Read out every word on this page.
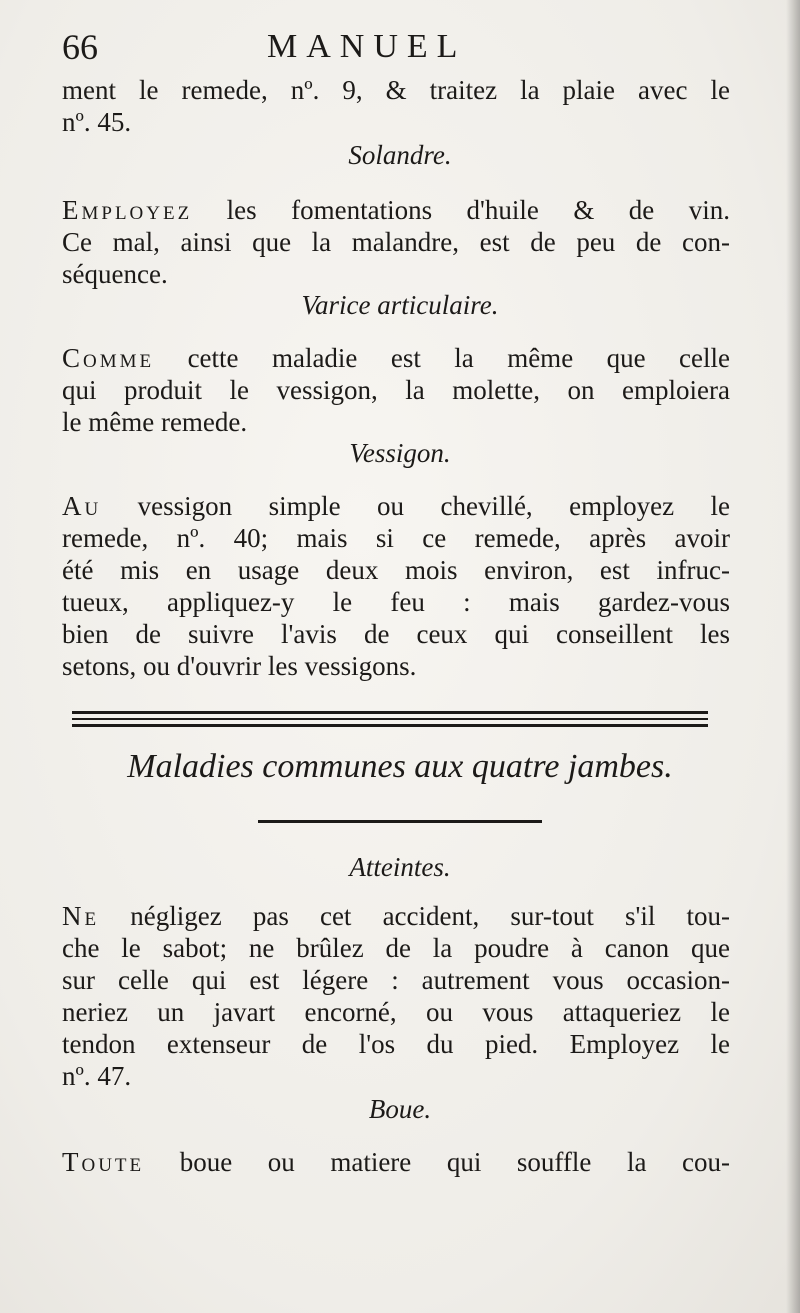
66	MANUEL
ment le remede, nº. 9, & traitez la plaie avec le
nº. 45.
Solandre.
Employez les fomentations d'huile & de vin.
Ce mal, ainsi que la malandre, est de peu de con-
séquence.
Varice articulaire.
Comme cette maladie est la même que celle
qui produit le vessigon, la molette, on emploiera
le même remede.
Vessigon.
Au vessigon simple ou chevillé, employez le
remede, nº. 40; mais si ce remede, après avoir
été mis en usage deux mois environ, est infruc-
tueux, appliquez-y le feu : mais gardez-vous
bien de suivre l'avis de ceux qui conseillent les
setons, ou d'ouvrir les vessigons.
Maladies communes aux quatre jambes.
Atteintes.
Ne négligez pas cet accident, sur-tout s'il tou-
che le sabot; ne brûlez de la poudre à canon que
sur celle qui est légere : autrement vous occasion-
neriez un javart encorné, ou vous attaqueriez le
tendon extenseur de l'os du pied. Employez le
nº. 47.
Boue.
Toute boue ou matiere qui souffle la cou-
